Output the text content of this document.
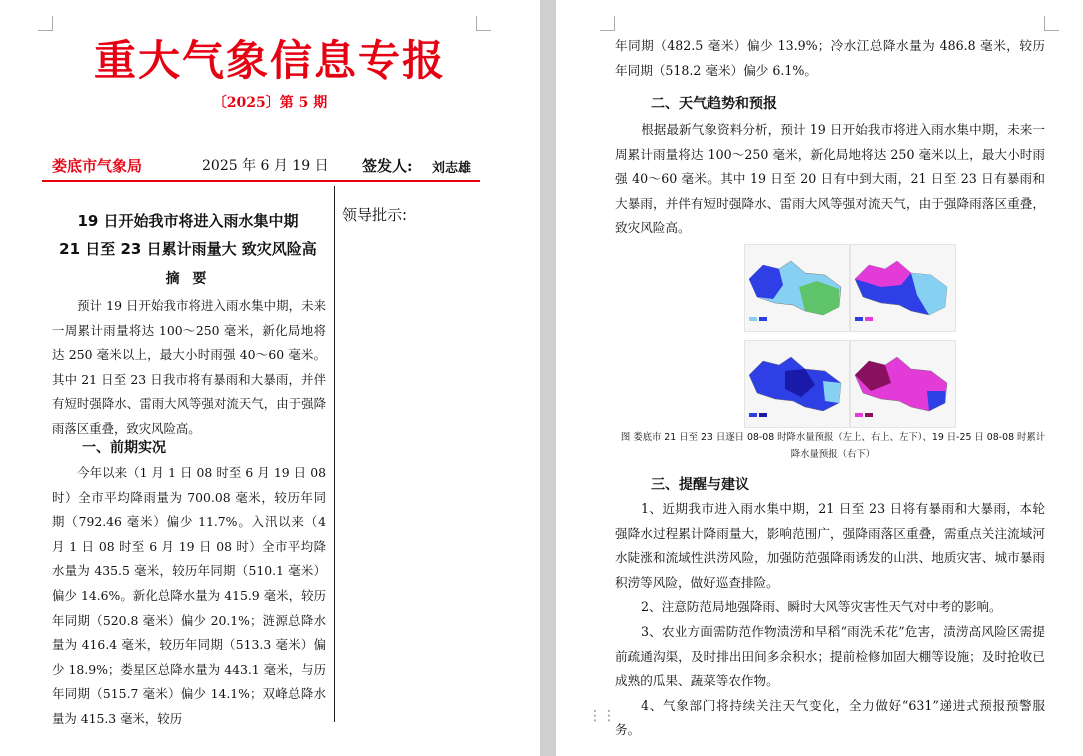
重大气象信息专报
〔2025〕第 5 期
娄底市气象局	2025 年 6 月 19 日 签发人: 刘志雄
领导批示:
19 日开始我市将进入雨水集中期
21 日至 23 日累计雨量大 致灾风险高
摘 要
预计 19 日开始我市将进入雨水集中期，未来一周累计雨量将达 100～250 毫米，新化局地将达 250 毫米以上，最大小时雨强 40～60 毫米。其中 21 日至 23 日我市将有暴雨和大暴雨，并伴有短时强降水、雷雨大风等强对流天气，由于强降雨落区重叠，致灾风险高。
一、前期实况
今年以来（1 月 1 日 08 时至 6 月 19 日 08 时）全市平均降雨量为 700.08 毫米，较历年同期（792.46 毫米）偏少 11.7%。入汛以来（4 月 1 日 08 时至 6 月 19 日 08 时）全市平均降水量为 435.5 毫米，较历年同期（510.1 毫米）偏少 14.6%。新化总降水量为 415.9 毫米，较历年同期（520.8 毫米）偏少 20.1%；涟源总降水量为 416.4 毫米，较历年同期（513.3 毫米）偏少 18.9%；娄星区总降水量为 443.1 毫米，与历年同期（515.7 毫米）偏少 14.1%；双峰总降水量为 415.3 毫米，较历
年同期（482.5 毫米）偏少 13.9%；冷水江总降水量为 486.8 毫米，较历年同期（518.2 毫米）偏少 6.1%。
二、天气趋势和预报
根据最新气象资料分析，预计 19 日开始我市将进入雨水集中期，未来一周累计雨量将达 100～250 毫米，新化局地将达 250 毫米以上，最大小时雨强 40～60 毫米。其中 19 日至 20 日有中到大雨，21 日至 23 日有暴雨和大暴雨，并伴有短时强降水、雷雨大风等强对流天气，由于强降雨落区重叠，致灾风险高。
图 娄底市 21 日至 23 日逐日 08-08 时降水量预报（左上、右上、左下）、19 日-25 日 08-08 时累计降水量预报（右下）
三、提醒与建议
1、近期我市进入雨水集中期，21 日至 23 日将有暴雨和大暴雨，本轮强降水过程累计降雨量大，影响范围广，强降雨落区重叠，需重点关注流域河水陡涨和流域性洪涝风险，加强防范强降雨诱发的山洪、地质灾害、城市暴雨积涝等风险，做好巡查排险。
2、注意防范局地强降雨、瞬时大风等灾害性天气对中考的影响。
3、农业方面需防范作物渍涝和早稻“雨洗禾花”危害，渍涝高风险区需提前疏通沟渠，及时排出田间多余积水；提前检修加固大棚等设施；及时抢收已成熟的瓜果、蔬菜等农作物。
4、气象部门将持续关注天气变化，全力做好“631”递进式预报预警服务。
⋮⋮
